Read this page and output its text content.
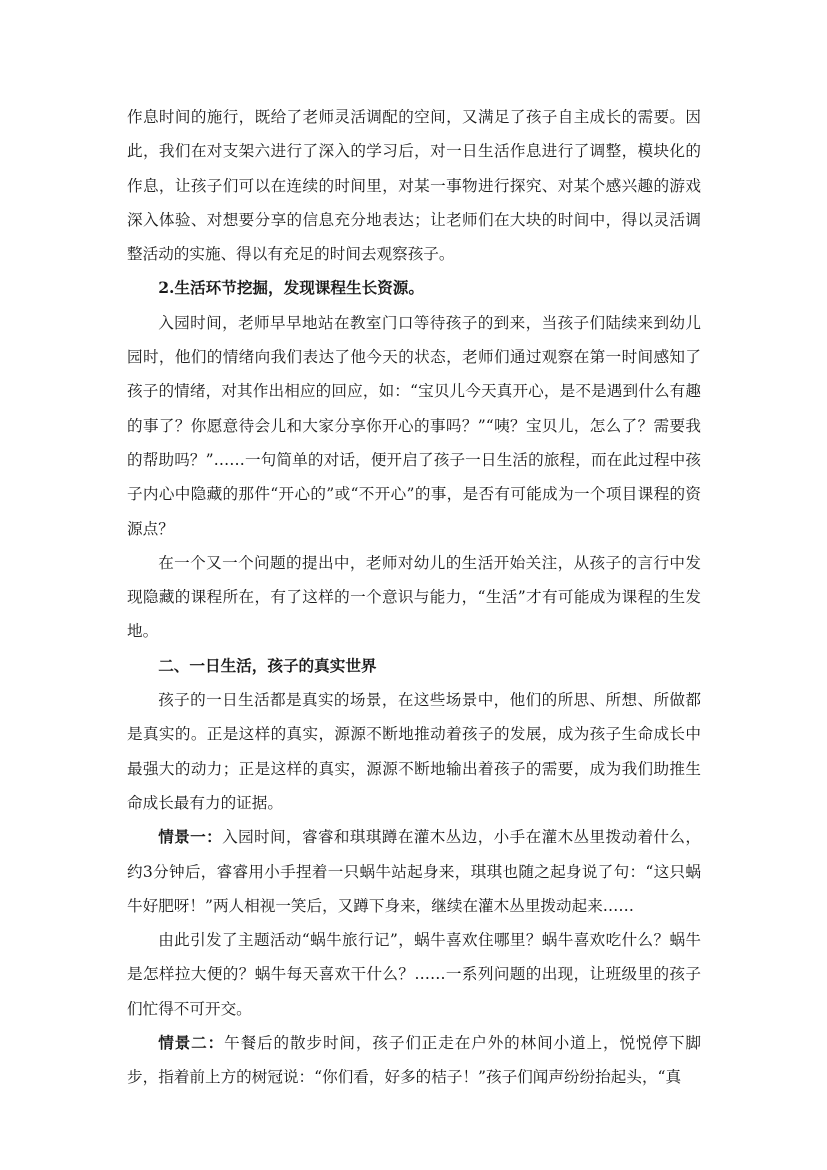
作息时间的施行，既给了老师灵活调配的空间，又满足了孩子自主成长的需要。因此，我们在对支架六进行了深入的学习后，对一日生活作息进行了调整，模块化的作息，让孩子们可以在连续的时间里，对某一事物进行探究、对某个感兴趣的游戏深入体验、对想要分享的信息充分地表达；让老师们在大块的时间中，得以灵活调整活动的实施、得以有充足的时间去观察孩子。

2.生活环节挖掘，发现课程生长资源。

入园时间，老师早早地站在教室门口等待孩子的到来，当孩子们陆续来到幼儿园时，他们的情绪向我们表达了他今天的状态，老师们通过观察在第一时间感知了孩子的情绪，对其作出相应的回应，如：“宝贝儿今天真开心，是不是遇到什么有趣的事了？你愿意待会儿和大家分享你开心的事吗？”“咦？宝贝儿，怎么了？需要我的帮助吗？”……一句简单的对话，便开启了孩子一日生活的旅程，而在此过程中孩子内心中隐藏的那件“开心的”或“不开心”的事，是否有可能成为一个项目课程的资源点？

在一个又一个问题的提出中，老师对幼儿的生活开始关注，从孩子的言行中发现隐藏的课程所在，有了这样的一个意识与能力，“生活”才有可能成为课程的生发地。

二、一日生活，孩子的真实世界

孩子的一日生活都是真实的场景，在这些场景中，他们的所思、所想、所做都是真实的。正是这样的真实，源源不断地推动着孩子的发展，成为孩子生命成长中最强大的动力；正是这样的真实，源源不断地输出着孩子的需要，成为我们助推生命成长最有力的证据。

情景一：入园时间，睿睿和琪琪蹲在灌木丛边，小手在灌木丛里拨动着什么，约3分钟后，睿睿用小手捏着一只蜗牛站起身来，琪琪也随之起身说了句：“这只蜗牛好肥呀！”两人相视一笑后，又蹲下身来，继续在灌木丛里拨动起来……

由此引发了主题活动“蜗牛旅行记”，蜗牛喜欢住哪里？蜗牛喜欢吃什么？蜗牛是怎样拉大便的？蜗牛每天喜欢干什么？……一系列问题的出现，让班级里的孩子们忙得不可开交。

情景二：午餐后的散步时间，孩子们正走在户外的林间小道上，悦悦停下脚步，指着前上方的树冠说：“你们看，好多的桔子！”孩子们闻声纷纷抬起头，“真
